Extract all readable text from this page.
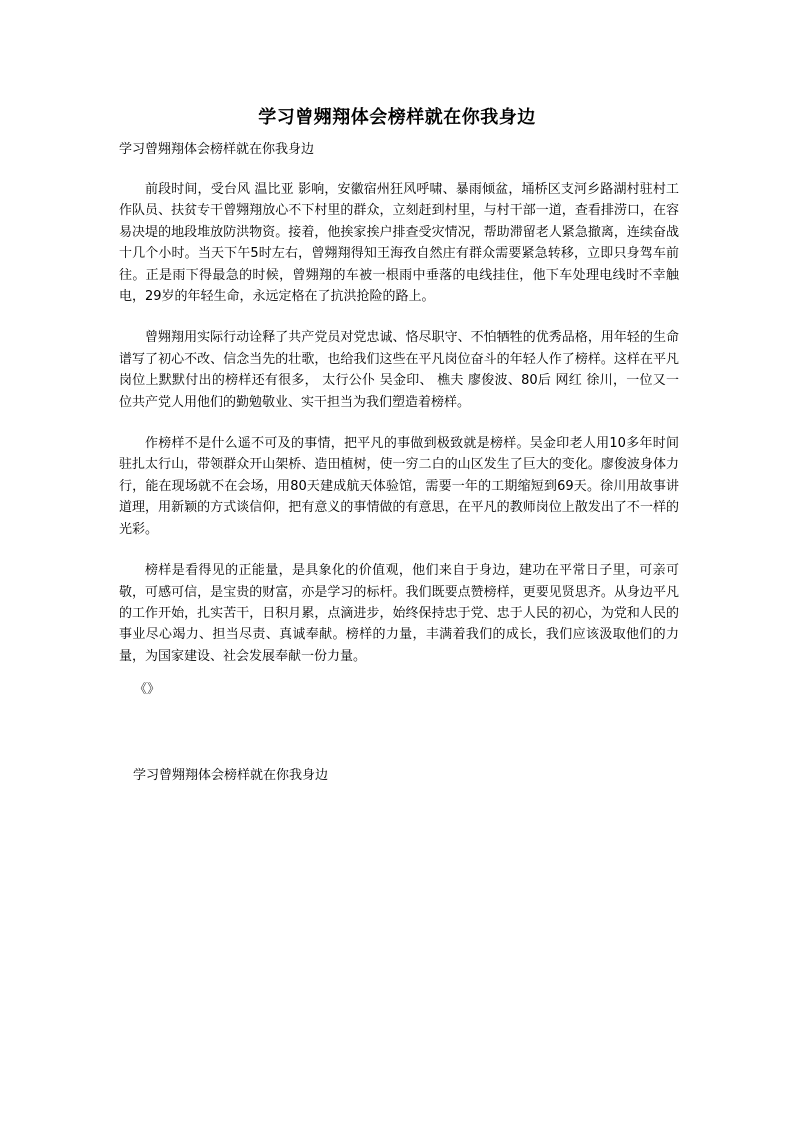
学习曾翙翔体会榜样就在你我身边
学习曾翙翔体会榜样就在你我身边

前段时间，受台风 温比亚 影响，安徽宿州狂风呼啸、暴雨倾盆，埇桥区支河乡路湖村驻村工作队员、扶贫专干曾翙翔放心不下村里的群众，立刻赶到村里，与村干部一道，查看排涝口，在容易决堤的地段堆放防洪物资。接着，他挨家挨户排查受灾情况，帮助滞留老人紧急撤离，连续奋战十几个小时。当天下午5时左右，曾翙翔得知王海孜自然庄有群众需要紧急转移，立即只身驾车前往。正是雨下得最急的时候，曾翙翔的车被一根雨中垂落的电线挂住，他下车处理电线时不幸触电，29岁的年轻生命，永远定格在了抗洪抢险的路上。

曾翙翔用实际行动诠释了共产党员对党忠诚、恪尽职守、不怕牺牲的优秀品格，用年轻的生命谱写了初心不改、信念当先的壮歌，也给我们这些在平凡岗位奋斗的年轻人作了榜样。这样在平凡岗位上默默付出的榜样还有很多， 太行公仆 吴金印、 樵夫 廖俊波、80后 网红 徐川，一位又一位共产党人用他们的勤勉敬业、实干担当为我们塑造着榜样。

作榜样不是什么遥不可及的事情，把平凡的事做到极致就是榜样。吴金印老人用10多年时间驻扎太行山，带领群众开山架桥、造田植树，使一穷二白的山区发生了巨大的变化。廖俊波身体力行，能在现场就不在会场，用80天建成航天体验馆，需要一年的工期缩短到69天。徐川用故事讲道理，用新颖的方式谈信仰，把有意义的事情做的有意思，在平凡的教师岗位上散发出了不一样的光彩。

榜样是看得见的正能量，是具象化的价值观，他们来自于身边，建功在平常日子里，可亲可敬，可感可信，是宝贵的财富，亦是学习的标杆。我们既要点赞榜样，更要见贤思齐。从身边平凡的工作开始，扎实苦干，日积月累，点滴进步，始终保持忠于党、忠于人民的初心，为党和人民的事业尽心竭力、担当尽责、真诚奉献。榜样的力量，丰满着我们的成长，我们应该汲取他们的力量，为国家建设、社会发展奉献一份力量。

《》
学习曾翙翔体会榜样就在你我身边
